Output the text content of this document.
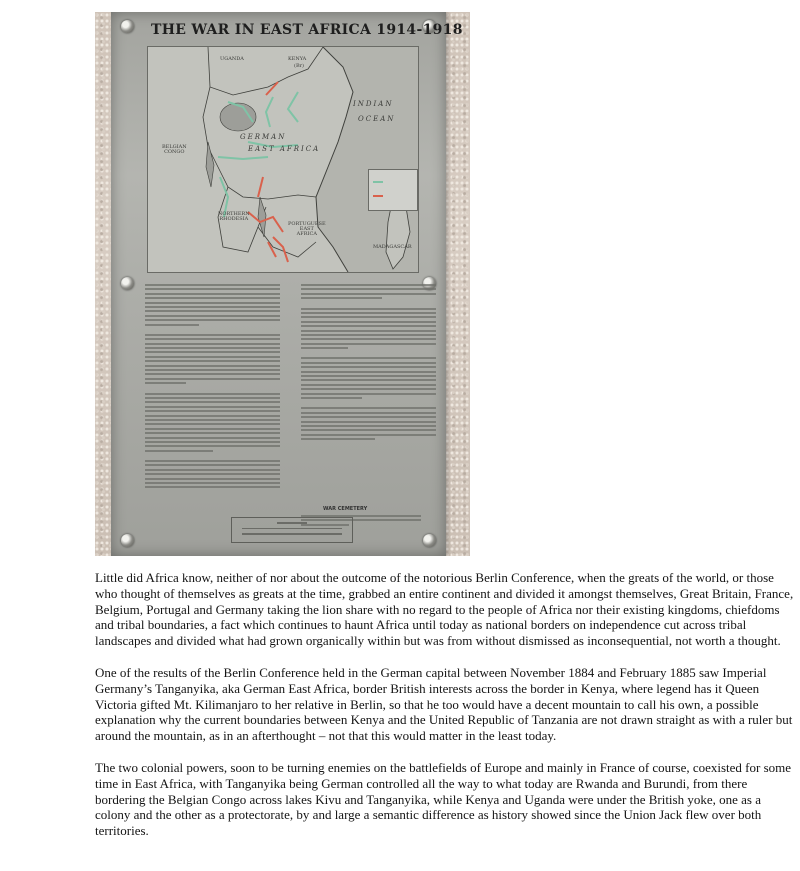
THE WAR IN EAST AFRICA 1914-1918
UGANDA	KENYA
(Br)
INDIAN
OCEAN
BELGIAN
CONGO
GERMAN
EAST AFRICA
NORTHERN
RHODESIA
PORTUGUESE
EAST
AFRICA
MADAGASCAR
WAR CEMETERY

Little did Africa know, neither of nor about the outcome of the notorious Berlin Conference, when the greats of the world, or those who thought of themselves as greats at the time, grabbed an entire continent and divided it amongst themselves, Great Britain, France, Belgium, Portugal and Germany taking the lion share with no regard to the people of Africa nor their existing kingdoms, chiefdoms and tribal boundaries, a fact which continues to haunt Africa until today as national borders on independence cut across tribal landscapes and divided what had grown organically within but was from without dismissed as inconsequential, not worth a thought.

One of the results of the Berlin Conference held in the German capital between November 1884 and February 1885 saw Imperial Germany’s Tanganyika, aka German East Africa, border British interests across the border in Kenya, where legend has it Queen Victoria gifted Mt. Kilimanjaro to her relative in Berlin, so that he too would have a decent mountain to call his own, a possible explanation why the current boundaries between Kenya and the United Republic of Tanzania are not drawn straight as with a ruler but around the mountain, as in an afterthought – not that this would matter in the least today.

The two colonial powers, soon to be turning enemies on the battlefields of Europe and mainly in France of course, coexisted for some time in East Africa, with Tanganyika being German controlled all the way to what today are Rwanda and Burundi, from there bordering the Belgian Congo across lakes Kivu and Tanganyika, while Kenya and Uganda were under the British yoke, one as a colony and the other as a protectorate, by and large a semantic difference as history showed since the Union Jack flew over both territories.
